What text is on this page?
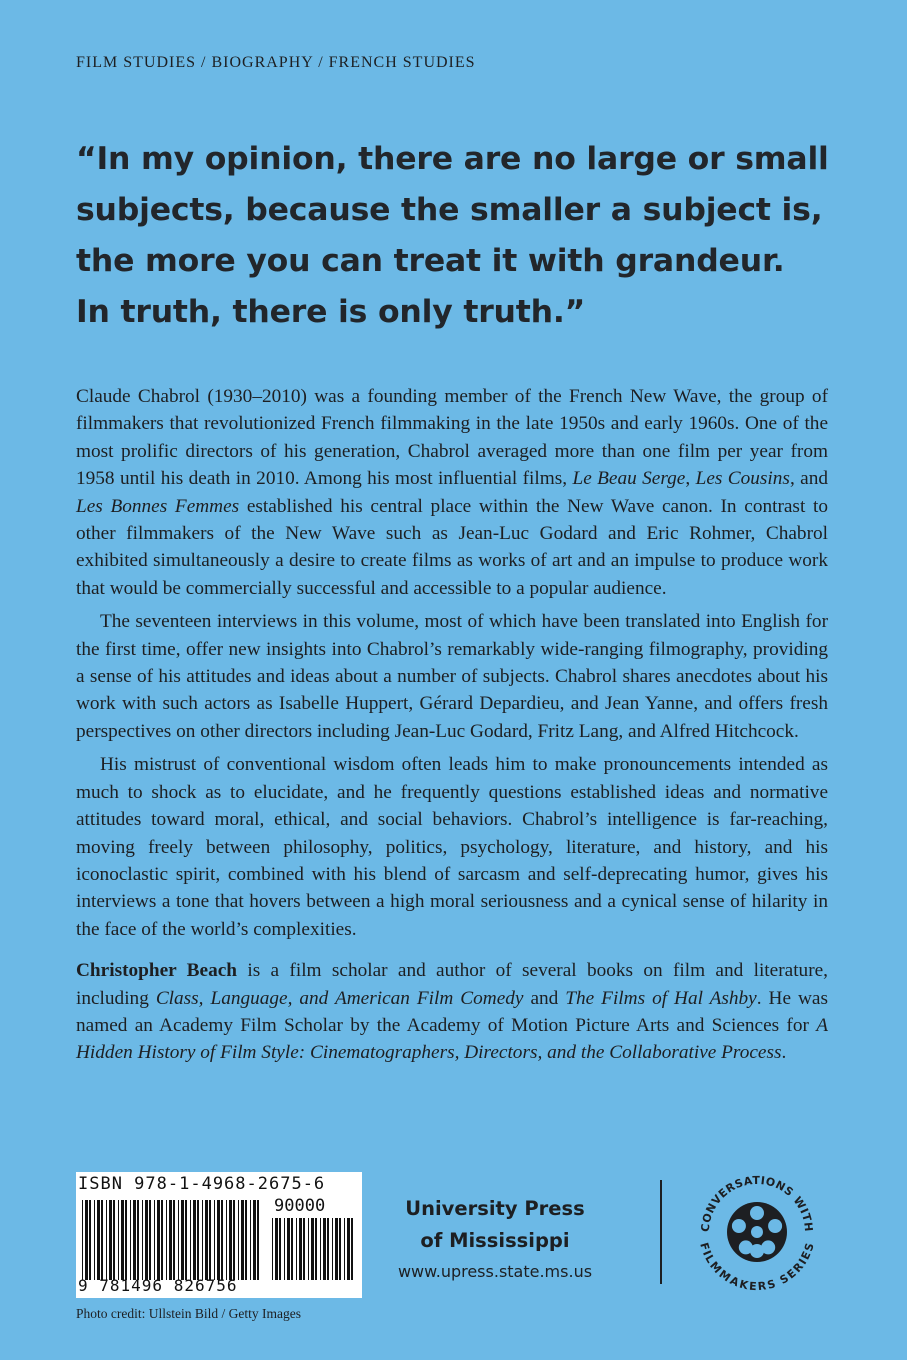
FILM STUDIES / BIOGRAPHY / FRENCH STUDIES
“In my opinion, there are no large or small
subjects, because the smaller a subject is,
the more you can treat it with grandeur.
In truth, there is only truth.”

Claude Chabrol (1930–2010) was a founding member of the French New Wave, the group of filmmakers that revolutionized French filmmaking in the late 1950s and early 1960s. One of the most prolific directors of his generation, Chabrol averaged more than one film per year from 1958 until his death in 2010. Among his most influential films, Le Beau Serge, Les Cousins, and Les Bonnes Femmes established his central place within the New Wave canon. In contrast to other filmmakers of the New Wave such as Jean-Luc Godard and Eric Rohmer, Chabrol exhibited simultaneously a desire to create films as works of art and an impulse to produce work that would be commercially successful and accessible to a popular audience.

The seventeen interviews in this volume, most of which have been translated into English for the first time, offer new insights into Chabrol’s remarkably wide-ranging filmography, providing a sense of his attitudes and ideas about a number of subjects. Chabrol shares anecdotes about his work with such actors as Isabelle Huppert, Gérard Depardieu, and Jean Yanne, and offers fresh perspectives on other directors including Jean-Luc Godard, Fritz Lang, and Alfred Hitchcock.

His mistrust of conventional wisdom often leads him to make pronouncements intended as much to shock as to elucidate, and he frequently questions established ideas and normative attitudes toward moral, ethical, and social behaviors. Chabrol’s intelligence is far-reaching, moving freely between philosophy, politics, psychology, literature, and history, and his iconoclastic spirit, combined with his blend of sarcasm and self-deprecating humor, gives his interviews a tone that hovers between a high moral seriousness and a cynical sense of hilarity in the face of the world’s complexities.

Christopher Beach is a film scholar and author of several books on film and literature, including Class, Language, and American Film Comedy and The Films of Hal Ashby. He was named an Academy Film Scholar by the Academy of Motion Picture Arts and Sciences for A Hidden History of Film Style: Cinematographers, Directors, and the Collaborative Process.

ISBN 978-1-4968-2675-6
90000
9 781496 826756
Photo credit: Ullstein Bild / Getty Images
University Press
of Mississippi
www.upress.state.ms.us
CONVERSATIONS WITH
FILMMAKERS SERIES
